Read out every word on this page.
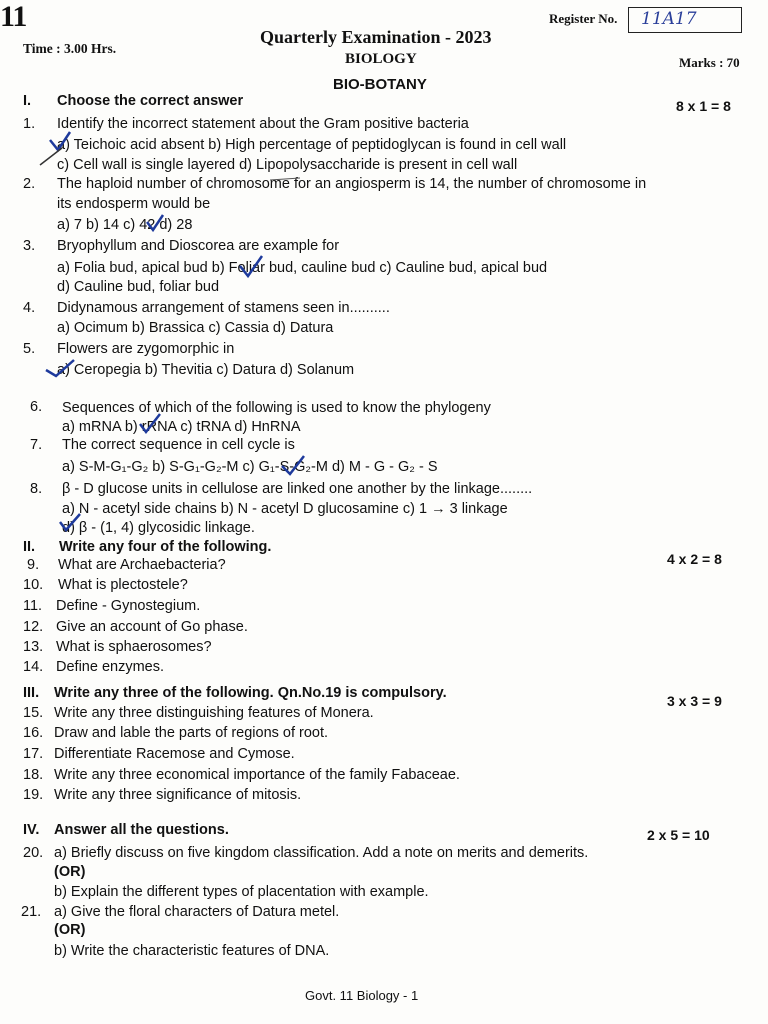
11	Register No. 11A17
Quarterly Examination - 2023
Time : 3.00 Hrs.
BIOLOGY	Marks : 70
BIO-BOTANY
I. Choose the correct answer	8 x 1 = 8
1. Identify the incorrect statement about the Gram positive bacteria
a) Teichoic acid absent b) High percentage of peptidoglycan is found in cell wall
c) Cell wall is single layered d) Lipopolysaccharide is present in cell wall
2. The haploid number of chromosome for an angiosperm is 14, the number of chromosome in
its endosperm would be
a) 7 b) 14 c) 42 d) 28
3. Bryophyllum and Dioscorea are example for
a) Folia bud, apical bud b) Foliar bud, cauline bud c) Cauline bud, apical bud
d) Cauline bud, foliar bud
4. Didynamous arrangement of stamens seen in..........
a) Ocimum b) Brassica c) Cassia d) Datura
5. Flowers are zygomorphic in
a) Ceropegia b) Thevitia c) Datura d) Solanum
6. Sequences of which of the following is used to know the phylogeny
a) mRNA b) rRNA c) tRNA d) HnRNA
7. The correct sequence in cell cycle is
a) S-M-G₁-G₂ b) S-G₁-G₂-M c) G₁-S-G₂-M d) M - G - G₂ - S
8. β - D glucose units in cellulose are linked one another by the linkage........
a) N - acetyl side chains b) N - acetyl D glucosamine c) 1 → 3 linkage
d) β - (1, 4) glycosidic linkage.
II. Write any four of the following.
4 x 2 = 8
9. What are Archaebacteria?
10. What is plectostele?
11. Define - Gynostegium.
12. Give an account of Go phase.
13. What is sphaerosomes?
14. Define enzymes.
III. Write any three of the following. Qn.No.19 is compulsory.	3 x 3 = 9
15. Write any three distinguishing features of Monera.
16. Draw and lable the parts of regions of root.
17. Differentiate Racemose and Cymose.
18. Write any three economical importance of the family Fabaceae.
19. Write any three significance of mitosis.
IV. Answer all the questions.	2 x 5 = 10
20. a) Briefly discuss on five kingdom classification. Add a note on merits and demerits.
(OR)
b) Explain the different types of placentation with example.
21. a) Give the floral characters of Datura metel.
(OR)
b) Write the characteristic features of DNA.
Govt. 11 Biology - 1
